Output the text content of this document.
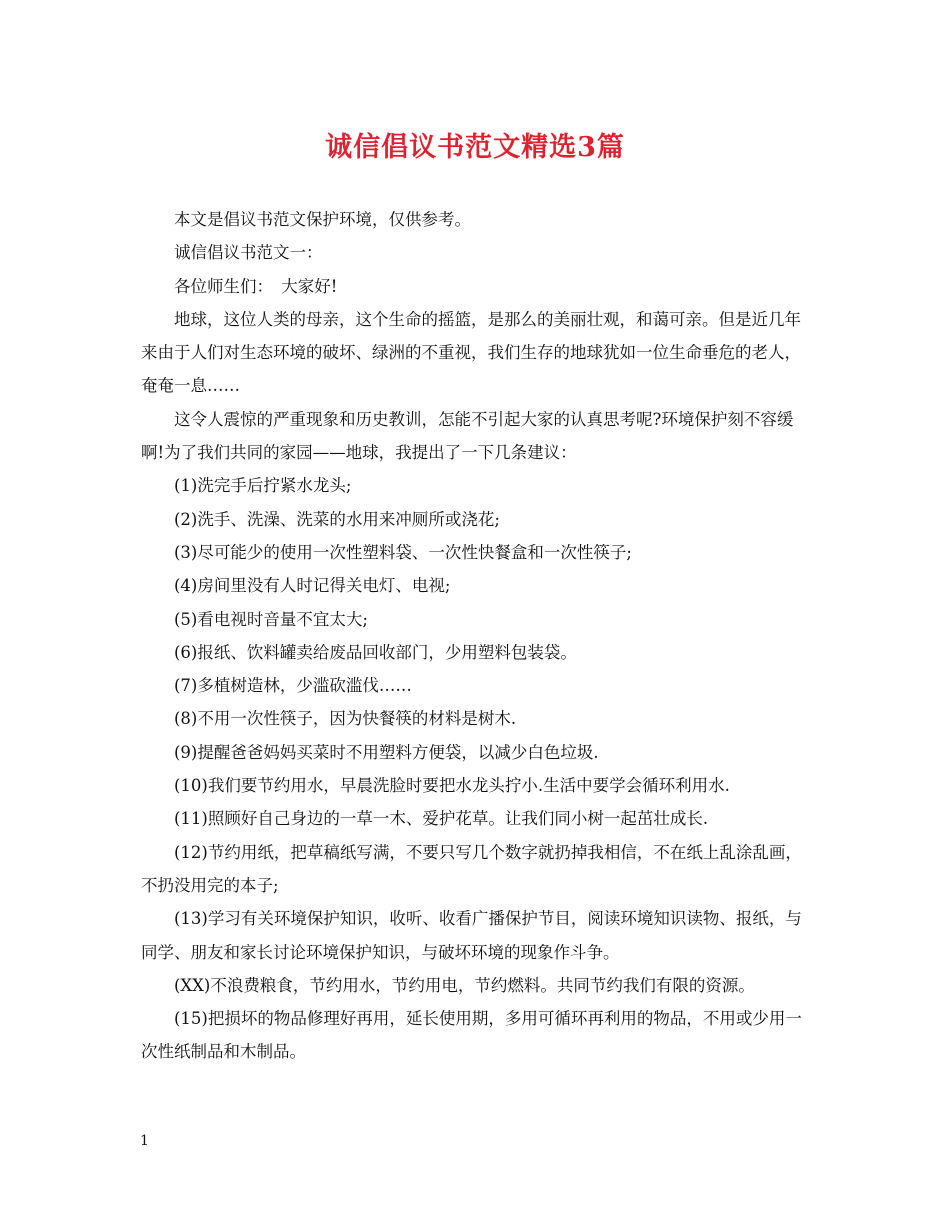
诚信倡议书范文精选3篇

本文是倡议书范文保护环境，仅供参考。

诚信倡议书范文一：

各位师生们：　大家好!

地球，这位人类的母亲，这个生命的摇篮，是那么的美丽壮观，和蔼可亲。但是近几年来由于人们对生态环境的破坏、绿洲的不重视，我们生存的地球犹如一位生命垂危的老人，奄奄一息……

这令人震惊的严重现象和历史教训，怎能不引起大家的认真思考呢?环境保护刻不容缓啊!为了我们共同的家园——地球，我提出了一下几条建议：

(1)洗完手后拧紧水龙头;

(2)洗手、洗澡、洗菜的水用来冲厕所或浇花;

(3)尽可能少的使用一次性塑料袋、一次性快餐盒和一次性筷子;

(4)房间里没有人时记得关电灯、电视;

(5)看电视时音量不宜太大;

(6)报纸、饮料罐卖给废品回收部门，少用塑料包装袋。

(7)多植树造林，少滥砍滥伐……

(8)不用一次性筷子，因为快餐筷的材料是树木.

(9)提醒爸爸妈妈买菜时不用塑料方便袋，以减少白色垃圾.

(10)我们要节约用水，早晨洗脸时要把水龙头拧小.生活中要学会循环利用水.

(11)照顾好自己身边的一草一木、爱护花草。让我们同小树一起茁壮成长.

(12)节约用纸，把草稿纸写满，不要只写几个数字就扔掉我相信，不在纸上乱涂乱画，不扔没用完的本子;

(13)学习有关环境保护知识，收听、收看广播保护节目，阅读环境知识读物、报纸，与同学、朋友和家长讨论环境保护知识，与破坏环境的现象作斗争。

(XX)不浪费粮食，节约用水，节约用电，节约燃料。共同节约我们有限的资源。

(15)把损坏的物品修理好再用，延长使用期，多用可循环再利用的物品，不用或少用一次性纸制品和木制品。

1
